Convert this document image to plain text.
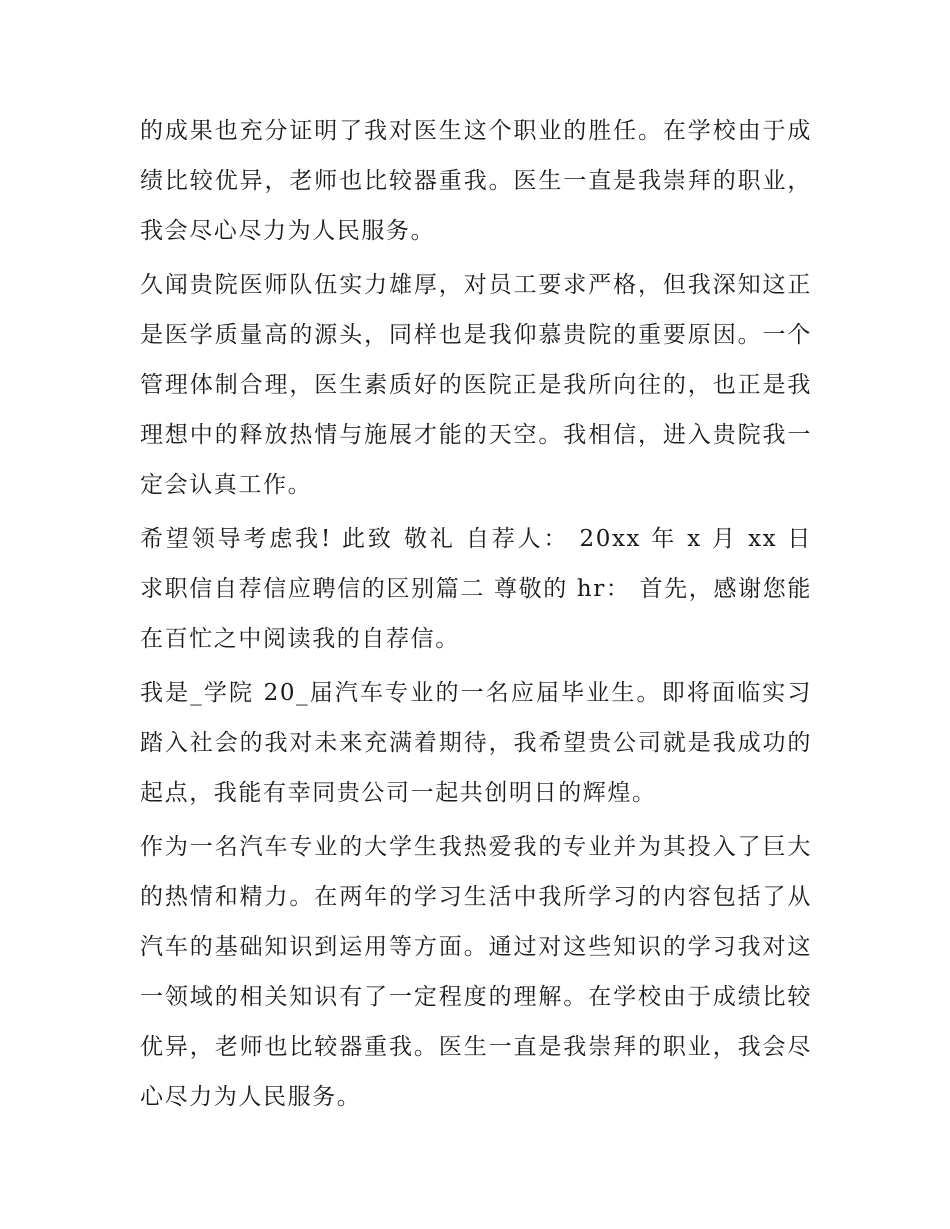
的成果也充分证明了我对医生这个职业的胜任。在学校由于成绩比较优异，老师也比较器重我。医生一直是我崇拜的职业，我会尽心尽力为人民服务。

久闻贵院医师队伍实力雄厚，对员工要求严格，但我深知这正是医学质量高的源头，同样也是我仰慕贵院的重要原因。一个管理体制合理，医生素质好的医院正是我所向往的，也正是我理想中的释放热情与施展才能的天空。我相信，进入贵院我一定会认真工作。

希望领导考虑我! 此致 敬礼 自荐人： 20xx 年 x 月 xx 日 求职信自荐信应聘信的区别篇二 尊敬的 hr： 首先，感谢您能在百忙之中阅读我的自荐信。

我是_学院 20_届汽车专业的一名应届毕业生。即将面临实习踏入社会的我对未来充满着期待，我希望贵公司就是我成功的起点，我能有幸同贵公司一起共创明日的辉煌。

作为一名汽车专业的大学生我热爱我的专业并为其投入了巨大的热情和精力。在两年的学习生活中我所学习的内容包括了从汽车的基础知识到运用等方面。通过对这些知识的学习我对这一领域的相关知识有了一定程度的理解。在学校由于成绩比较优异，老师也比较器重我。医生一直是我崇拜的职业，我会尽心尽力为人民服务。
